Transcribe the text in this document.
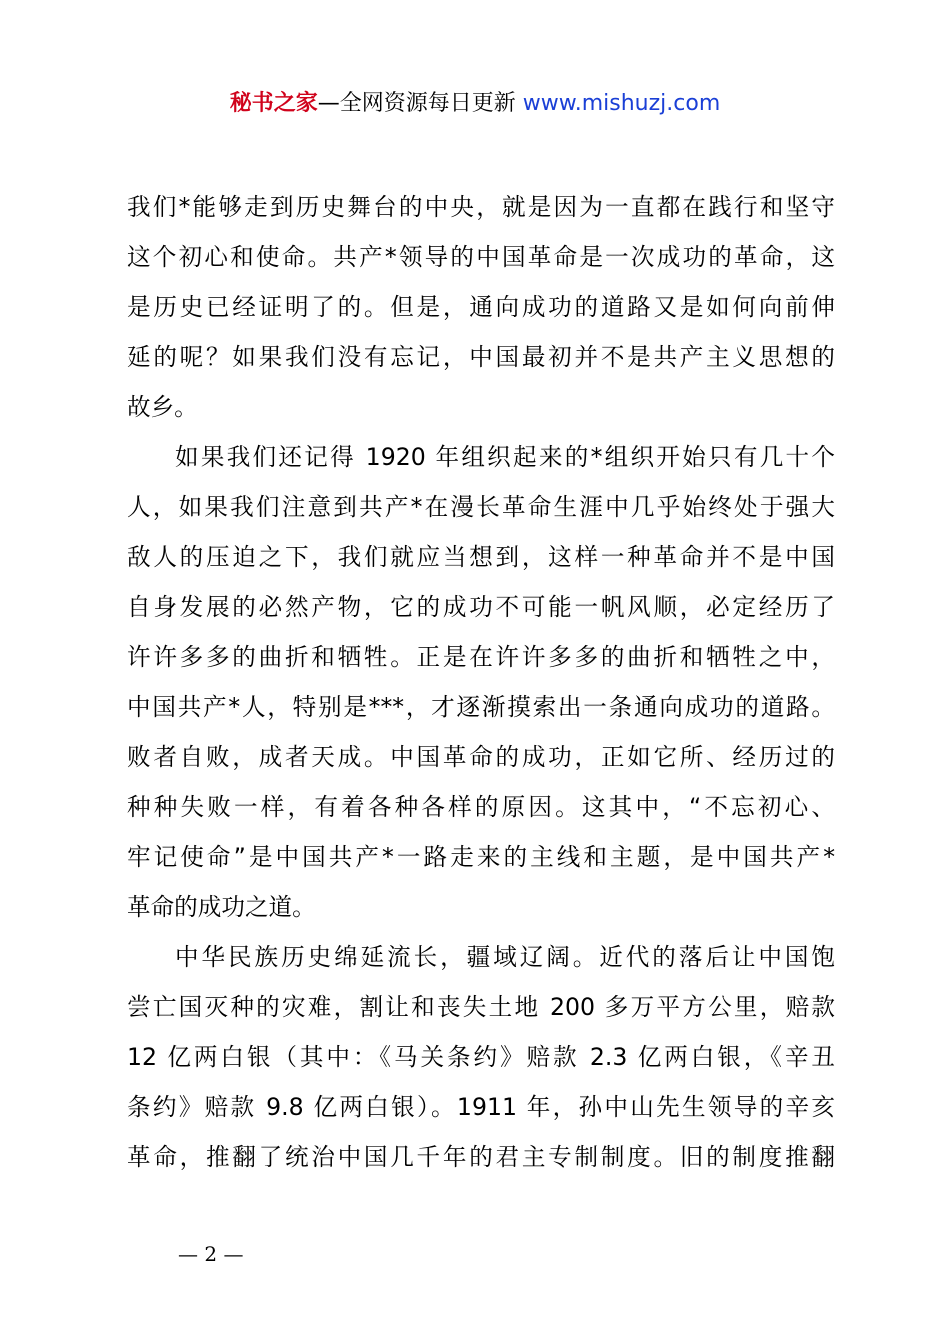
秘书之家—全网资源每日更新 www.mishuzj.com
我们*能够走到历史舞台的中央，就是因为一直都在践行和坚守
这个初心和使命。共产*领导的中国革命是一次成功的革命，这
是历史已经证明了的。但是，通向成功的道路又是如何向前伸
延的呢？如果我们没有忘记，中国最初并不是共产主义思想的
故乡。
如果我们还记得 1920 年组织起来的*组织开始只有几十个
人，如果我们注意到共产*在漫长革命生涯中几乎始终处于强大
敌人的压迫之下，我们就应当想到，这样一种革命并不是中国
自身发展的必然产物，它的成功不可能一帆风顺，必定经历了
许许多多的曲折和牺牲。正是在许许多多的曲折和牺牲之中，
中国共产*人，特别是***，才逐渐摸索出一条通向成功的道路。
败者自败，成者天成。中国革命的成功，正如它所、经历过的
种种失败一样，有着各种各样的原因。这其中，“不忘初心、
牢记使命”是中国共产*一路走来的主线和主题，是中国共产*
革命的成功之道。
中华民族历史绵延流长，疆域辽阔。近代的落后让中国饱
尝亡国灭种的灾难，割让和丧失土地 200 多万平方公里，赔款
12 亿两白银（其中：《马关条约》赔款 2.3 亿两白银，《辛丑
条约》赔款 9.8 亿两白银）。1911 年，孙中山先生领导的辛亥
革命，推翻了统治中国几千年的君主专制制度。旧的制度推翻
— 2 —
